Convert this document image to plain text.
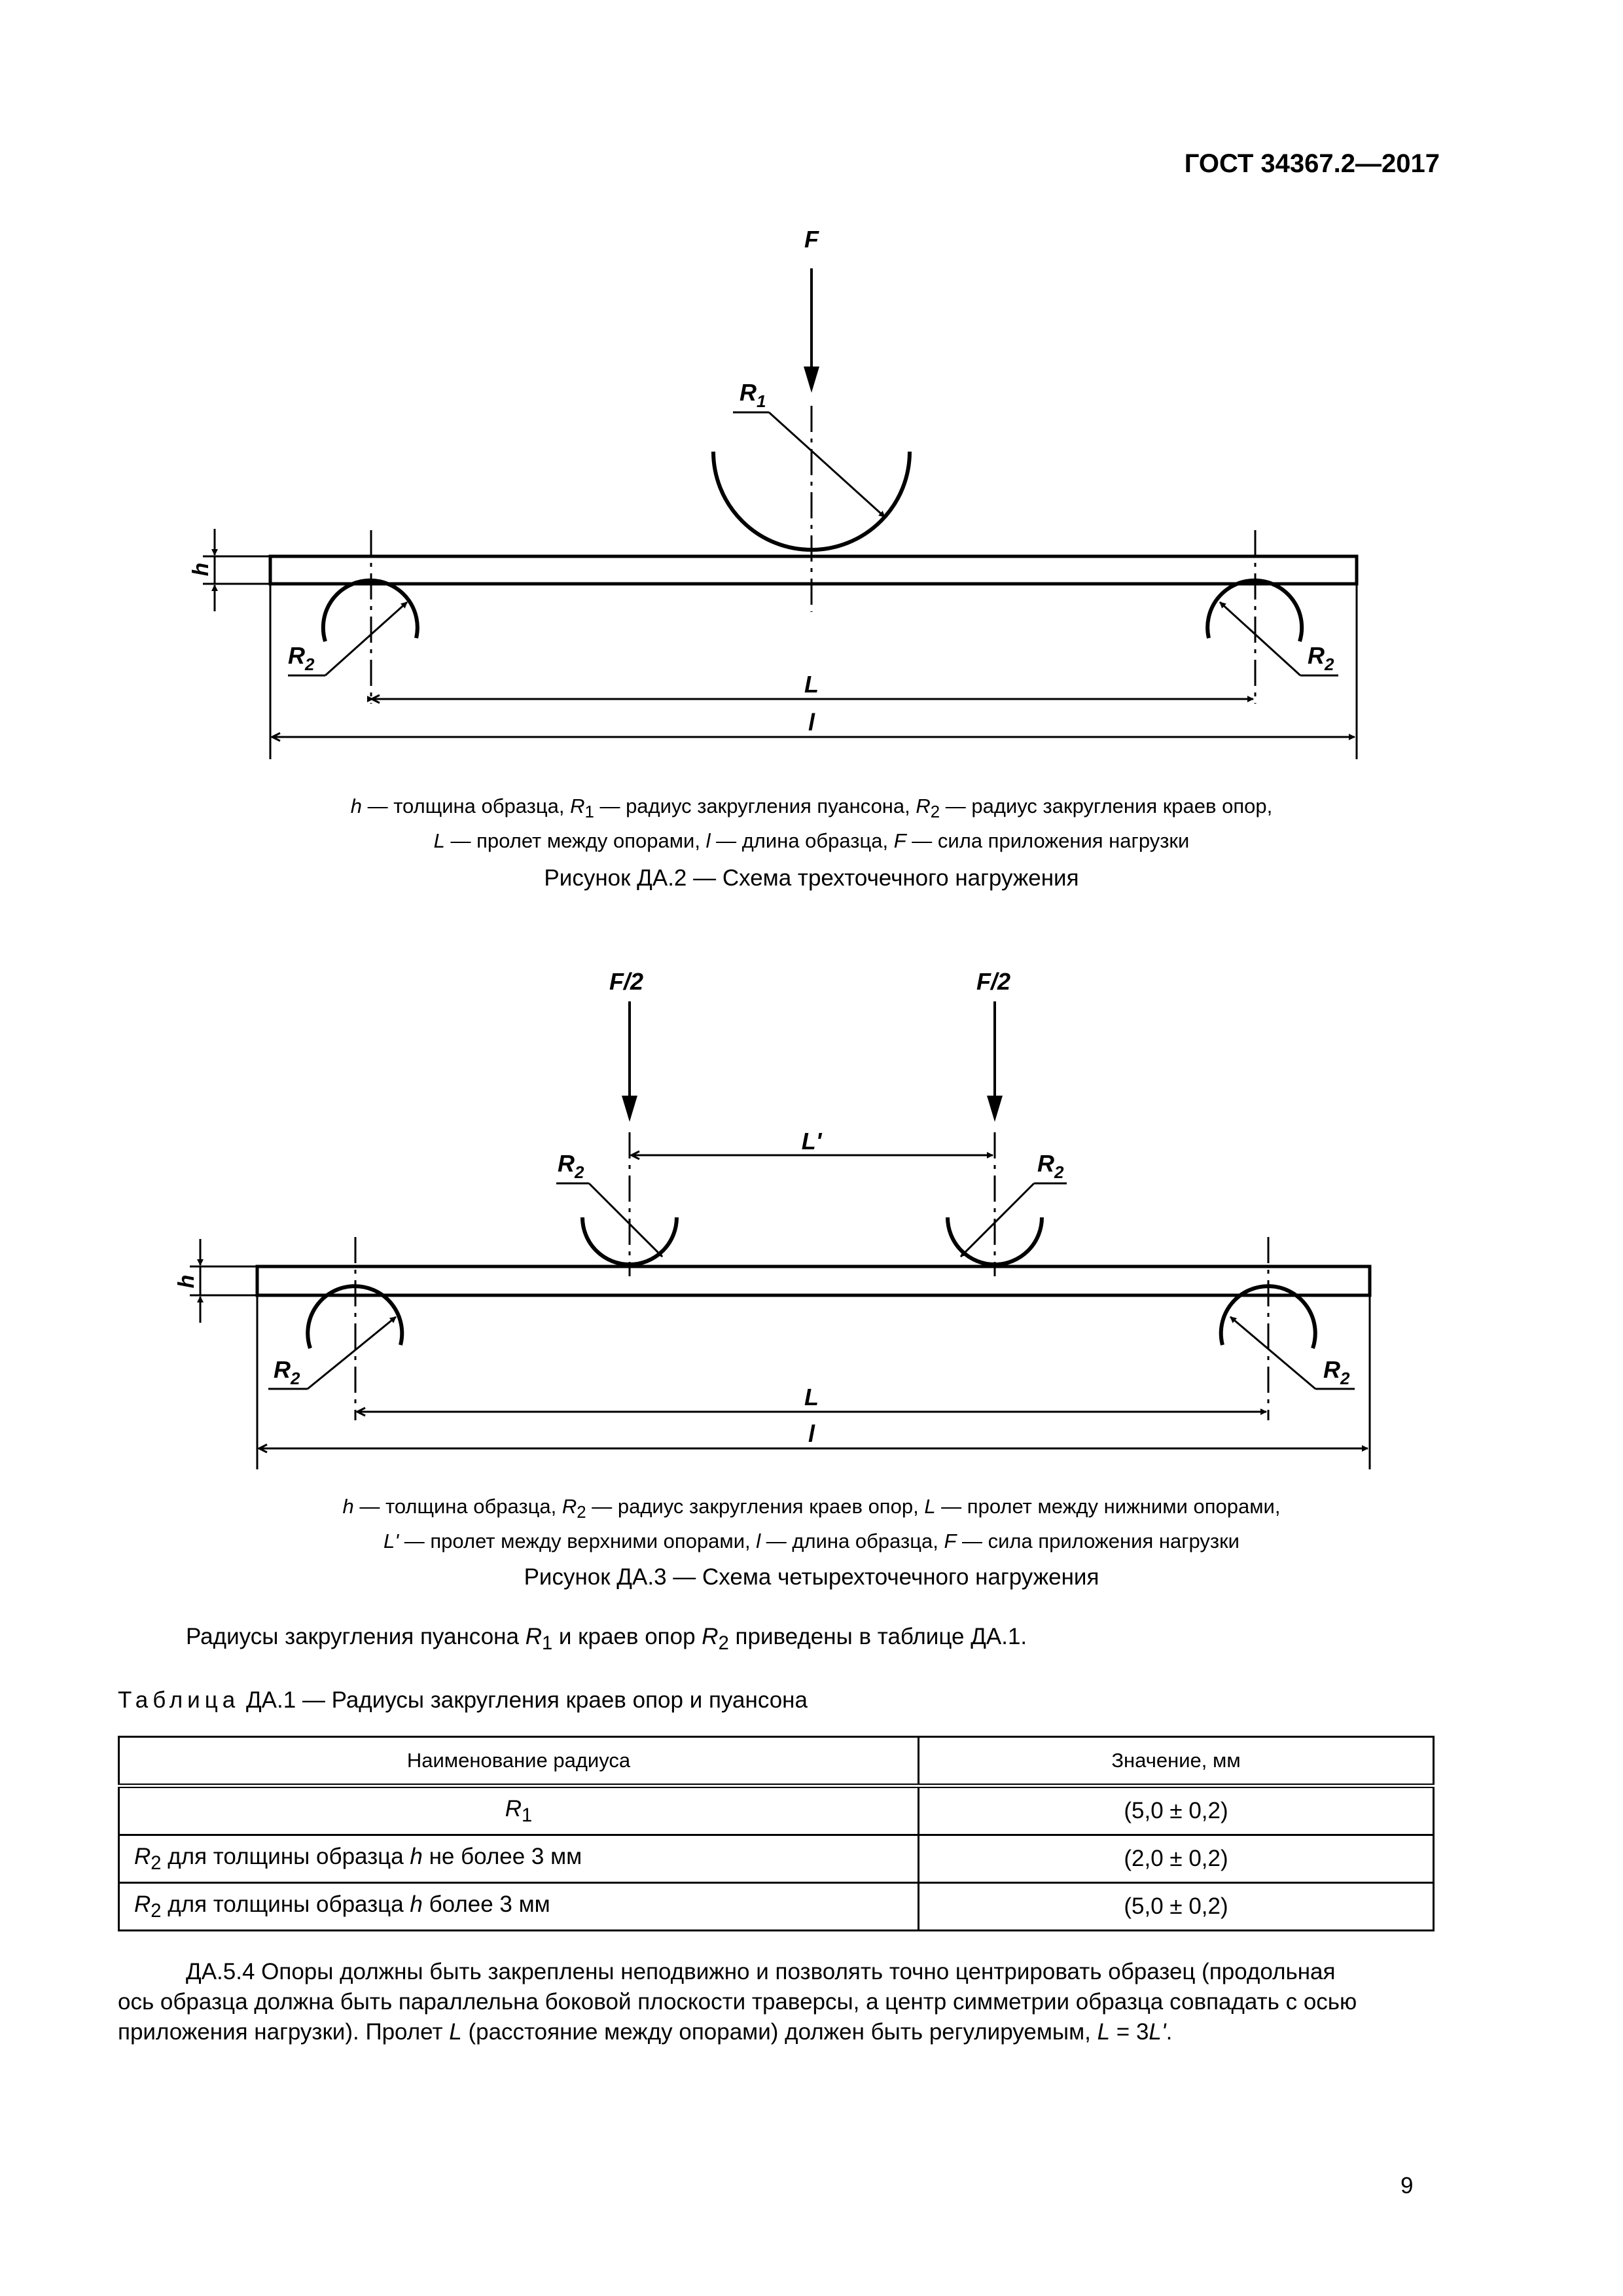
ГОСТ 34367.2—2017
F
$R_1$
$R_2$	$R_2$
h
L
l
h — толщина образца, $R_1$ — радиус закругления пуансона, $R_2$ — радиус закругления краев опор,
L — пролет между опорами, l — длина образца, F — сила приложения нагрузки
Рисунок ДА.2 — Схема трехточечного нагружения
F/2	F/2
L'
$R_2$	$R_2$
$R_2$	$R_2$
h
L
l
h — толщина образца, $R_2$ — радиус закругления краев опор, L — пролет между нижними опорами,
L' — пролет между верхними опорами, l — длина образца, F — сила приложения нагрузки
Рисунок ДА.3 — Схема четырехточечного нагружения
Радиусы закругления пуансона $R_1$ и краев опор $R_2$ приведены в таблице ДА.1.
Таблица ДА.1 — Радиусы закругления краев опор и пуансона
Наименование радиуса	Значение, мм
$R_1$	(5,0 ± 0,2)
$R_2$ для толщины образца h не более 3 мм	(2,0 ± 0,2)
$R_2$ для толщины образца h более 3 мм	(5,0 ± 0,2)
ДА.5.4 Опоры должны быть закреплены неподвижно и позволять точно центрировать образец (продольная
ось образца должна быть параллельна боковой плоскости траверсы, а центр симметрии образца совпадать с осью
приложения нагрузки). Пролет L (расстояние между опорами) должен быть регулируемым, L = 3L'.
9
